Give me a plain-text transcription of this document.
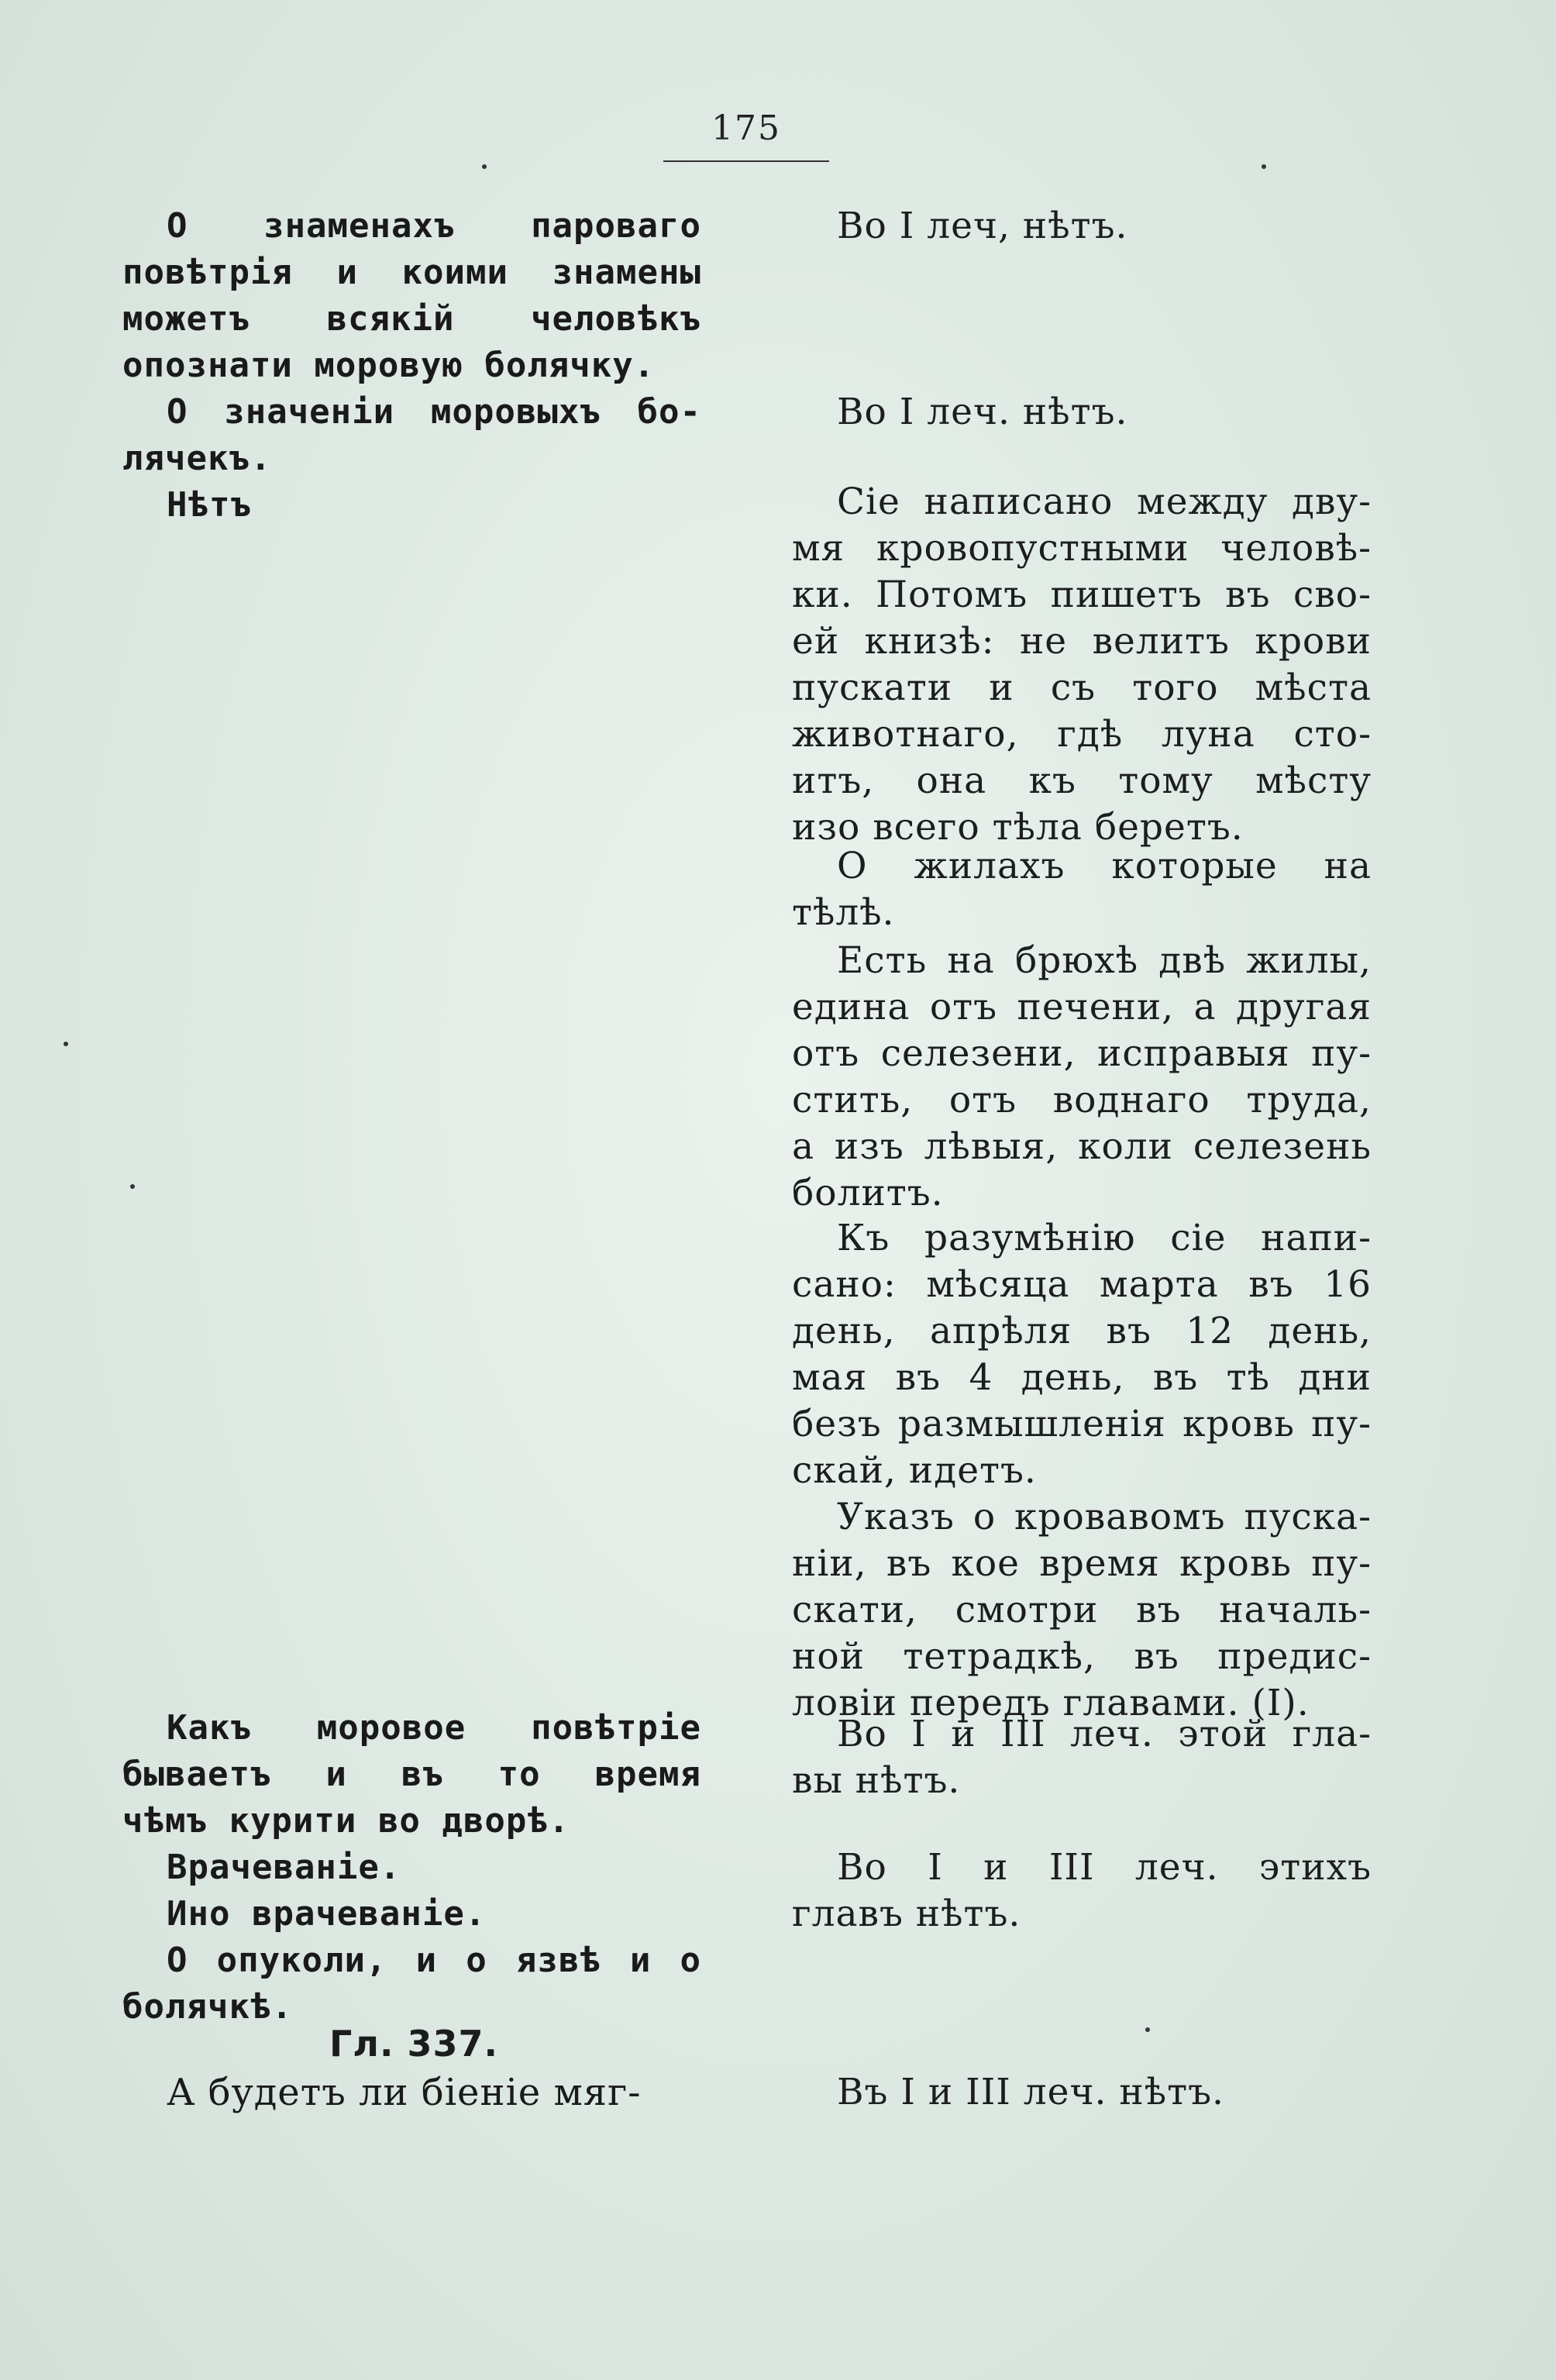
175
О знаменахъ пароваго
повѣтрія и коими знамены
можетъ всякій человѣкъ
опознати моровую болячку.
О значеніи моровыхъ бо-
лячекъ.
Нѣтъ
Какъ моровое повѣтріе
бываетъ и въ то время
чѣмъ курити во дворѣ.
Врачеваніе.
Ино врачеваніе.
О опуколи, и о язвѣ и о
болячкѣ.
Гл. 337.
А будетъ ли біеніе мяг-
Во I леч, нѣтъ.
Во I леч. нѣтъ.
Сіе написано между дву-
мя кровопустными человѣ-
ки. Потомъ пишетъ въ сво-
ей книзѣ: не велитъ крови
пускати и съ того мѣста
животнаго, гдѣ луна сто-
итъ, она къ тому мѣсту
изо всего тѣла беретъ.
О жилахъ которые на
тѣлѣ.
Есть на брюхѣ двѣ жилы,
едина отъ печени, а другая
отъ селезени, исправыя пу-
стить, отъ воднаго труда,
а изъ лѣвыя, коли селезень
болитъ.
Къ разумѣнію сіе напи-
сано: мѣсяца марта въ 16
день, апрѣля въ 12 день,
мая въ 4 день, въ тѣ дни
безъ размышленія кровь пу-
скай, идетъ.
Указъ о кровавомъ пуска-
ніи, въ кое время кровь пу-
скати, смотри въ началь-
ной тетрадкѣ, въ предис-
ловіи передъ главами. (I).
Во I и III леч. этой гла-
вы нѣтъ.
Во I и III леч. этихъ
главъ нѣтъ.
Въ I и III леч. нѣтъ.
